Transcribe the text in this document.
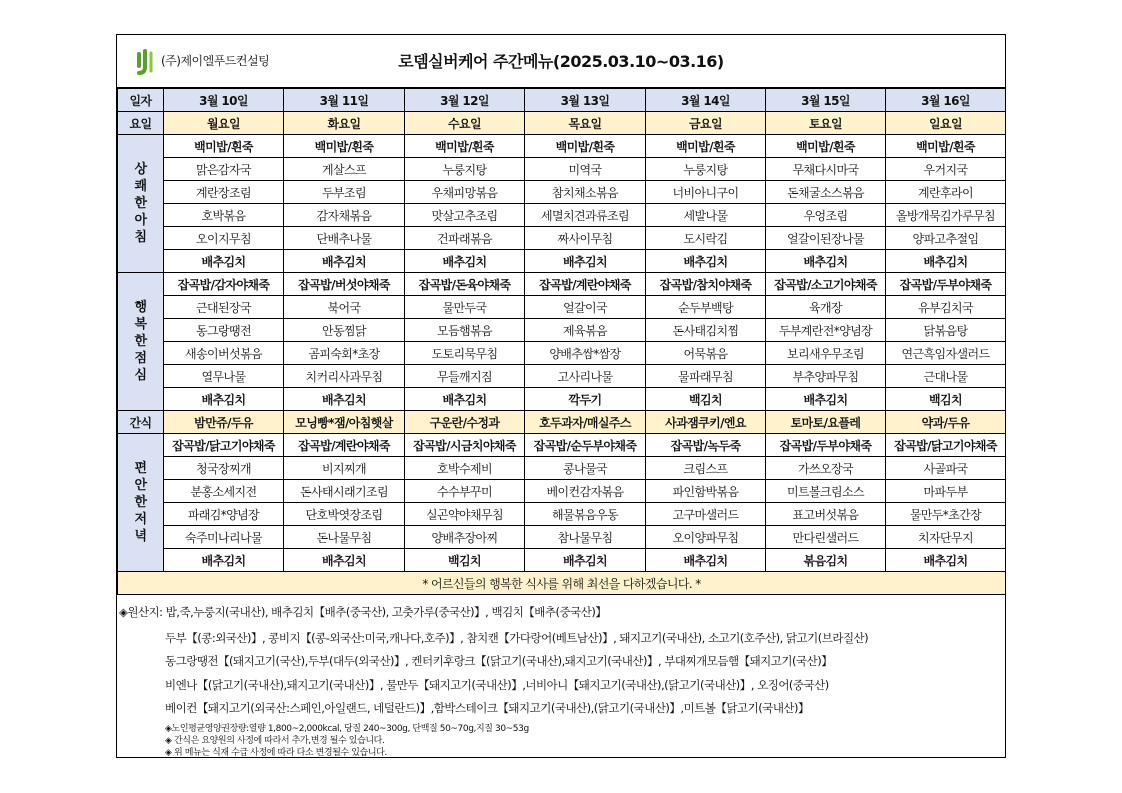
(주)제이엘푸드컨설팅	로뎀실버케어 주간메뉴(2025.03.10~03.16)
일자	3월 10일	3월 11일	3월 12일	3월 13일	3월 14일	3월 15일	3월 16일
요일	월요일	화요일	수요일	목요일	금요일	토요일	일요일

상
쾌
한
아
침	백미밥/흰죽	백미밥/흰죽	백미밥/흰죽	백미밥/흰죽	백미밥/흰죽	백미밥/흰죽	백미밥/흰죽
	맑은감자국	게살스프	누룽지탕	미역국	누룽지탕	무채다시마국	우거지국
	계란장조림	두부조림	우채피망볶음	참치채소볶음	너비아니구이	돈채굴소스볶음	계란후라이
	호박볶음	감자채볶음	맛살고추조림	세멸치견과류조림	세발나물	우엉조림	올방개묵김가루무침
	오이지무침	단배추나물	건파래볶음	짜사이무침	도시락김	얼갈이된장나물	양파고추절임
	배추김치	배추김치	배추김치	배추김치	배추김치	배추김치	배추김치

행
복
한
점
심	잡곡밥/감자야채죽	잡곡밥/버섯야채죽	잡곡밥/돈육야채죽	잡곡밥/계란야채죽	잡곡밥/참치야채죽	잡곡밥/소고기야채죽	잡곡밥/두부야채죽
	근대된장국	북어국	물만두국	얼갈이국	순두부백탕	육개장	유부김치국
	동그랑땡전	안동찜닭	모듬햄볶음	제육볶음	돈사태김치찜	두부계란전*양념장	닭볶음탕
	새송이버섯볶음	곰피숙회*초장	도토리묵무침	양배추쌈*쌈장	어묵볶음	보리새우무조림	연근흑임자샐러드
	열무나물	치커리사과무침	무들깨지짐	고사리나물	물파래무침	부추양파무침	근대나물
	배추김치	배추김치	배추김치	깍두기	백김치	배추김치	백김치
간식	밤만쥬/두유	모닝빵*잼/아침햇살	구운란/수정과	호두과자/매실주스	사과잼쿠키/엔요	토마토/요플레	약과/두유

편
안
한
저
녁	잡곡밥/닭고기야채죽	잡곡밥/계란야채죽	잡곡밥/시금치야채죽	잡곡밥/순두부야채죽	잡곡밥/녹두죽	잡곡밥/두부야채죽	잡곡밥/닭고기야채죽
	청국장찌개	비지찌개	호박수제비	콩나물국	크림스프	가쓰오장국	사골파국
	분홍소세지전	돈사태시래기조림	수수부꾸미	베이컨감자볶음	파인함박볶음	미트볼크림소스	마파두부
	파래김*양념장	단호박엿장조림	실곤약야채무침	해물볶음우동	고구마샐러드	표고버섯볶음	물만두*초간장
	숙주미나리나물	돈나물무침	양배추장아찌	참나물무침	오이양파무침	만다린샐러드	치자단무지
	배추김치	배추김치	백김치	배추김치	배추김치	볶음김치	배추김치
* 어르신들의 행복한 식사를 위해 최선을 다하겠습니다. *							
◈원산지: 밥,죽,누룽지(국내산), 배추김치【배추(중국산), 고춧가루(중국산)】, 백김치【배추(중국산)】
두부【(콩:외국산)】, 콩비지【(콩-외국산:미국,캐나다,호주)】, 참치캔【가다랑어(베트남산)】, 돼지고기(국내산), 소고기(호주산), 닭고기(브라질산)
동그랑땡전【(돼지고기(국산),두부(대두(외국산)】, 켄터키후랑크【(닭고기(국내산),돼지고기(국내산)】, 부대찌개모듬햄【돼지고기(국산)】
비엔나【(닭고기(국내산),돼지고기(국내산)】, 물만두【돼지고기(국내산)】,너비아니【돼지고기(국내산),(닭고기(국내산)】, 오징어(중국산)
베이컨【돼지고기(외국산:스페인,아일랜드, 네덜란드)】,함박스테이크【돼지고기(국내산),(닭고기(국내산)】,미트볼【닭고기(국내산)】
◈노인평균영양권장량:열량 1,800~2,000kcal, 당질 240~300g, 단백질 50~70g,지질 30~53g
◈ 간식은 요양원의 사정에 따라서 추가,변경 될수 있습니다.
◈ 위 메뉴는 식재 수급 사정에 따라 다소 변경될수 있습니다.
